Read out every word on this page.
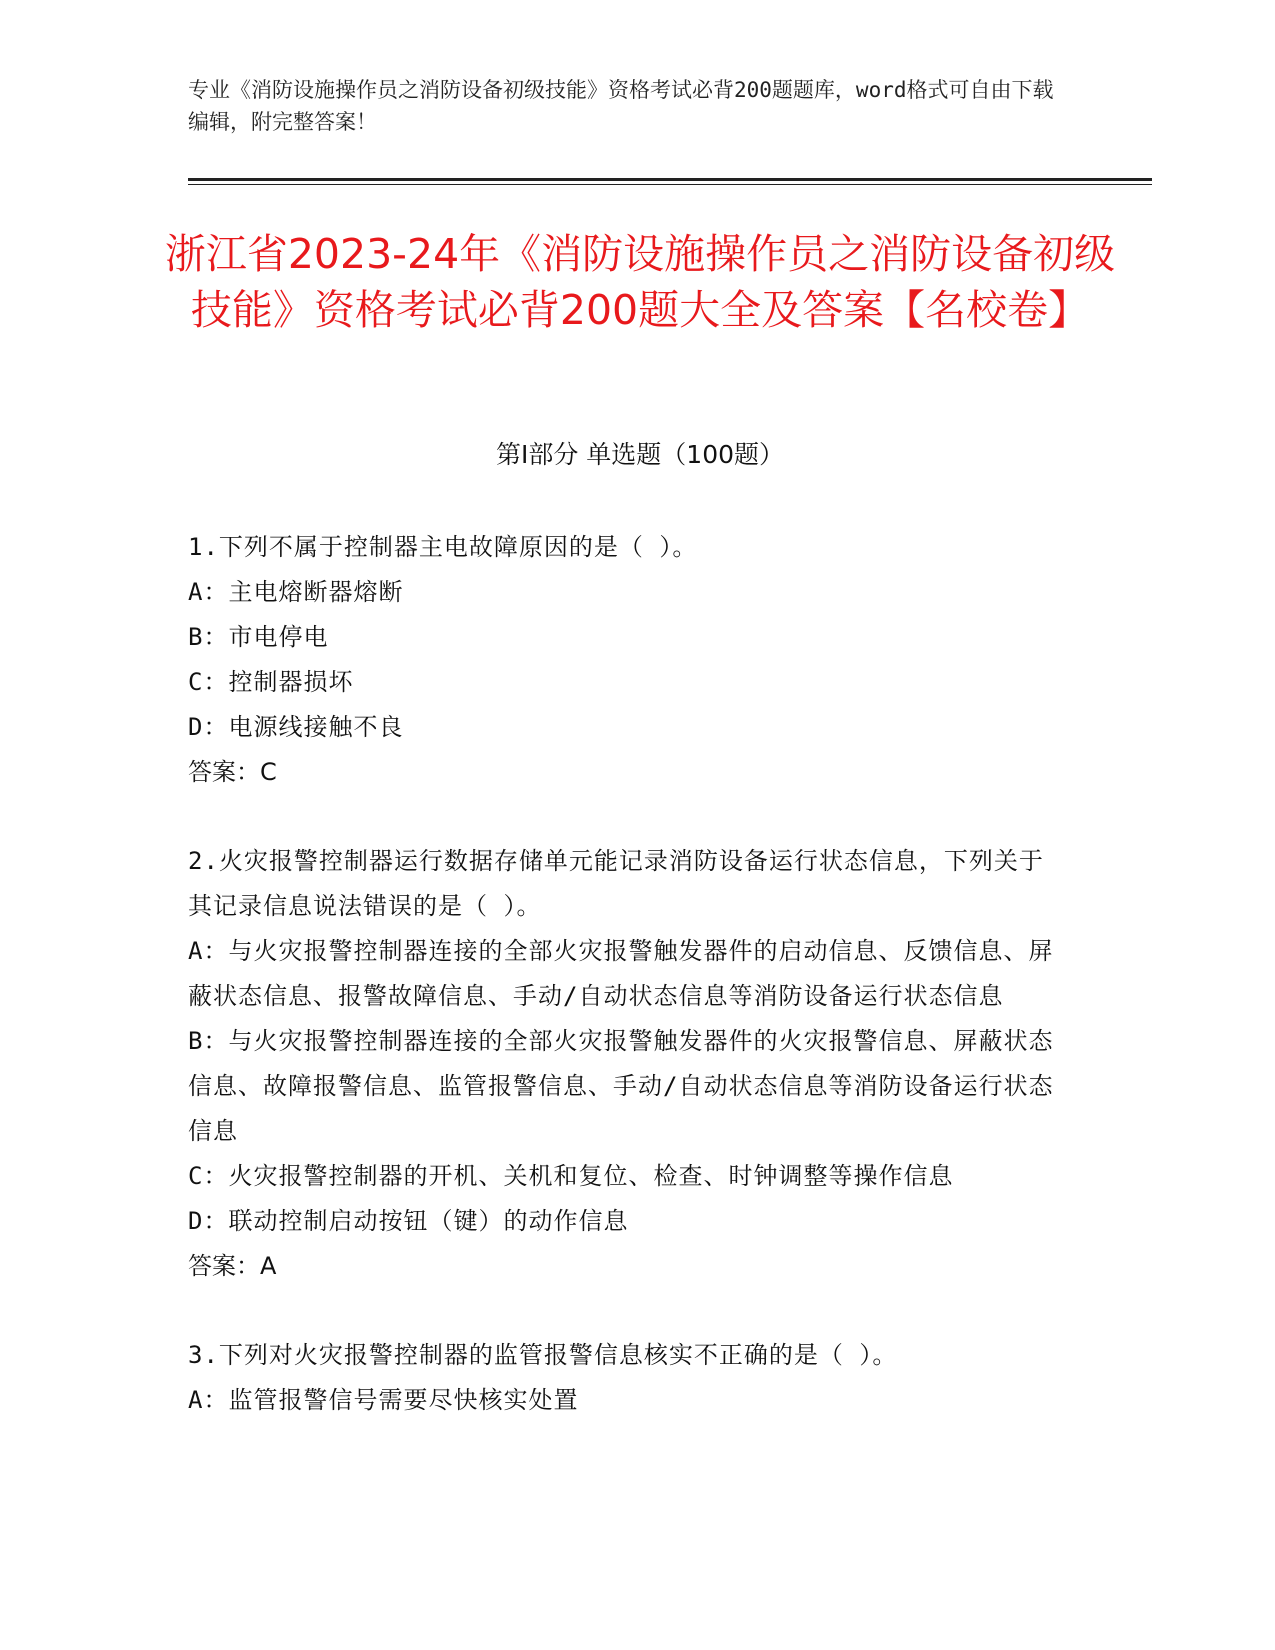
专业《消防设施操作员之消防设备初级技能》资格考试必背200题题库，word格式可自由下载编辑，附完整答案！
浙江省2023-24年《消防设施操作员之消防设备初级技能》资格考试必背200题大全及答案【名校卷】
第Ⅰ部分 单选题（100题）
1.下列不属于控制器主电故障原因的是（ ）。
A：主电熔断器熔断
B：市电停电
C：控制器损坏
D：电源线接触不良
答案：C
2.火灾报警控制器运行数据存储单元能记录消防设备运行状态信息，下列关于其记录信息说法错误的是（ ）。
A：与火灾报警控制器连接的全部火灾报警触发器件的启动信息、反馈信息、屏蔽状态信息、报警故障信息、手动/自动状态信息等消防设备运行状态信息
B：与火灾报警控制器连接的全部火灾报警触发器件的火灾报警信息、屏蔽状态信息、故障报警信息、监管报警信息、手动/自动状态信息等消防设备运行状态信息
C：火灾报警控制器的开机、关机和复位、检查、时钟调整等操作信息
D：联动控制启动按钮（键）的动作信息
答案：A
3.下列对火灾报警控制器的监管报警信息核实不正确的是（ ）。
A：监管报警信号需要尽快核实处置
